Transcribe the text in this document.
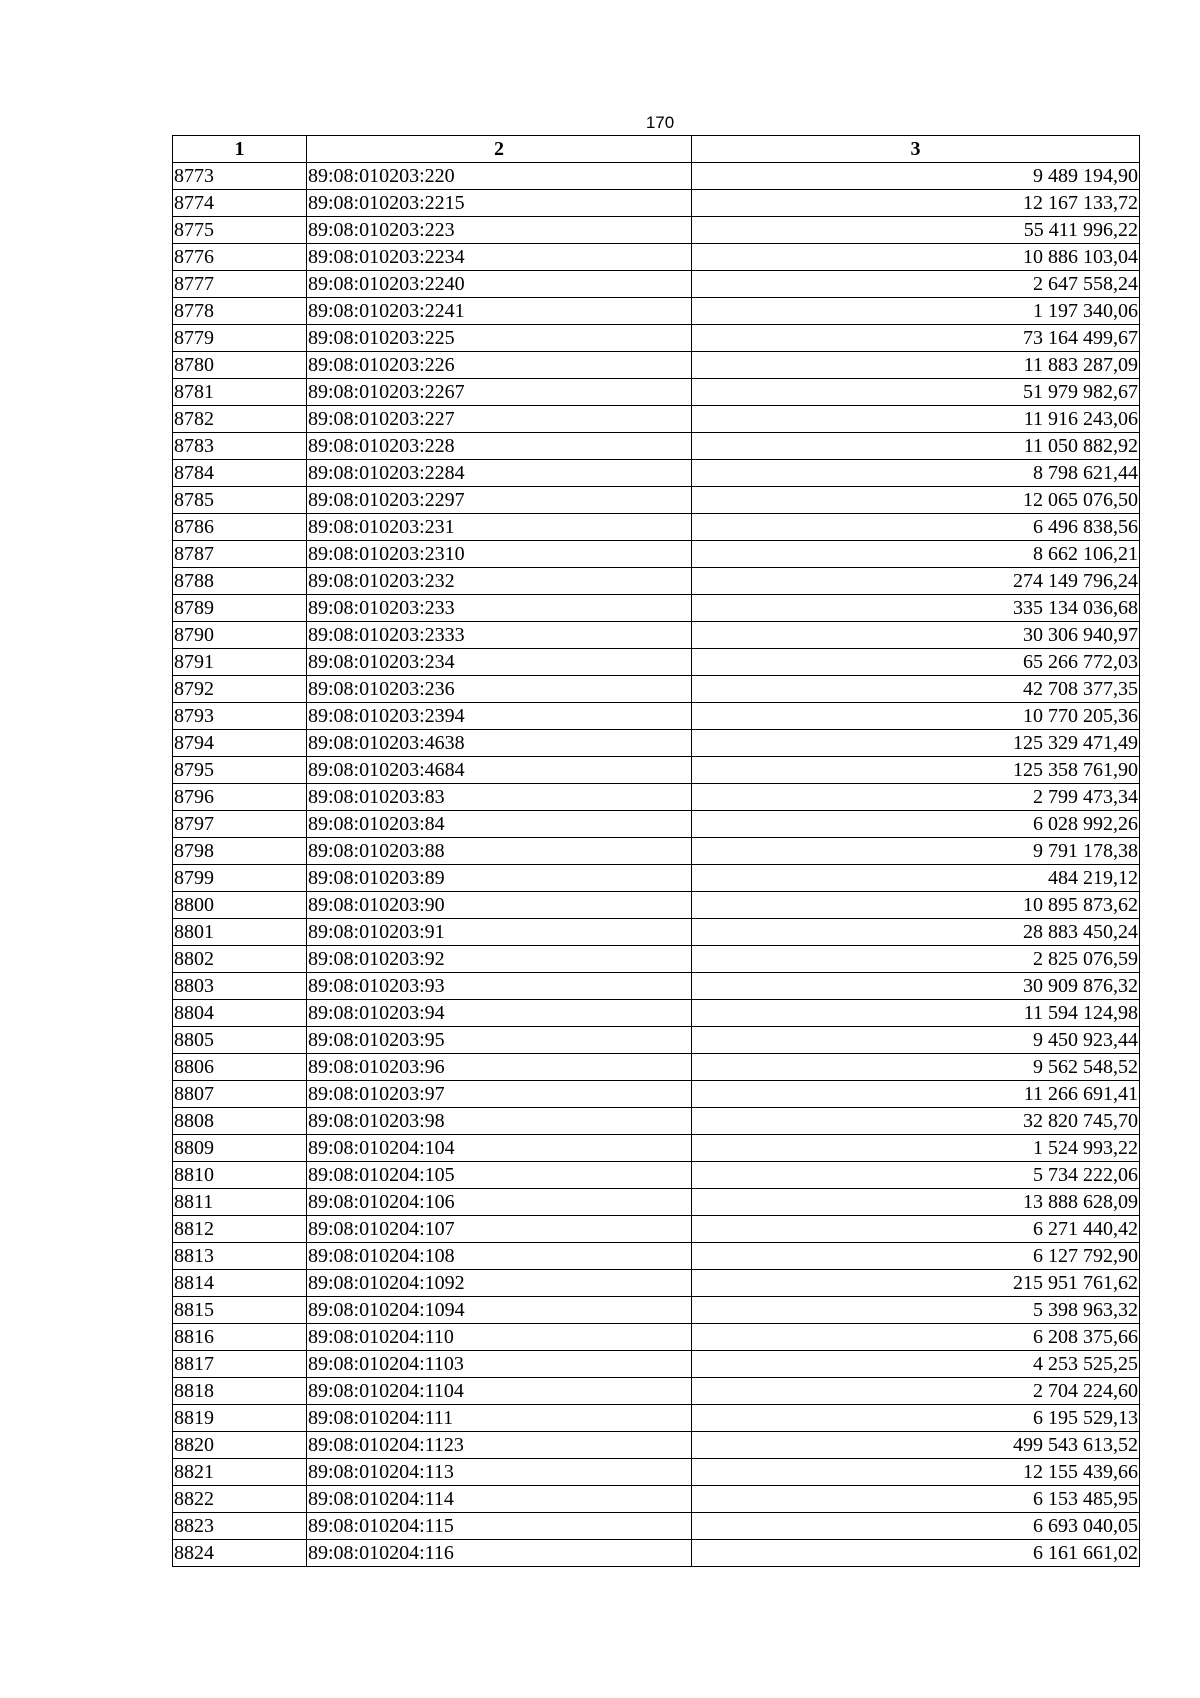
170
1	2	3
8773	89:08:010203:220	9 489 194,90
8774	89:08:010203:2215	12 167 133,72
8775	89:08:010203:223	55 411 996,22
8776	89:08:010203:2234	10 886 103,04
8777	89:08:010203:2240	2 647 558,24
8778	89:08:010203:2241	1 197 340,06
8779	89:08:010203:225	73 164 499,67
8780	89:08:010203:226	11 883 287,09
8781	89:08:010203:2267	51 979 982,67
8782	89:08:010203:227	11 916 243,06
8783	89:08:010203:228	11 050 882,92
8784	89:08:010203:2284	8 798 621,44
8785	89:08:010203:2297	12 065 076,50
8786	89:08:010203:231	6 496 838,56
8787	89:08:010203:2310	8 662 106,21
8788	89:08:010203:232	274 149 796,24
8789	89:08:010203:233	335 134 036,68
8790	89:08:010203:2333	30 306 940,97
8791	89:08:010203:234	65 266 772,03
8792	89:08:010203:236	42 708 377,35
8793	89:08:010203:2394	10 770 205,36
8794	89:08:010203:4638	125 329 471,49
8795	89:08:010203:4684	125 358 761,90
8796	89:08:010203:83	2 799 473,34
8797	89:08:010203:84	6 028 992,26
8798	89:08:010203:88	9 791 178,38
8799	89:08:010203:89	484 219,12
8800	89:08:010203:90	10 895 873,62
8801	89:08:010203:91	28 883 450,24
8802	89:08:010203:92	2 825 076,59
8803	89:08:010203:93	30 909 876,32
8804	89:08:010203:94	11 594 124,98
8805	89:08:010203:95	9 450 923,44
8806	89:08:010203:96	9 562 548,52
8807	89:08:010203:97	11 266 691,41
8808	89:08:010203:98	32 820 745,70
8809	89:08:010204:104	1 524 993,22
8810	89:08:010204:105	5 734 222,06
8811	89:08:010204:106	13 888 628,09
8812	89:08:010204:107	6 271 440,42
8813	89:08:010204:108	6 127 792,90
8814	89:08:010204:1092	215 951 761,62
8815	89:08:010204:1094	5 398 963,32
8816	89:08:010204:110	6 208 375,66
8817	89:08:010204:1103	4 253 525,25
8818	89:08:010204:1104	2 704 224,60
8819	89:08:010204:111	6 195 529,13
8820	89:08:010204:1123	499 543 613,52
8821	89:08:010204:113	12 155 439,66
8822	89:08:010204:114	6 153 485,95
8823	89:08:010204:115	6 693 040,05
8824	89:08:010204:116	6 161 661,02
